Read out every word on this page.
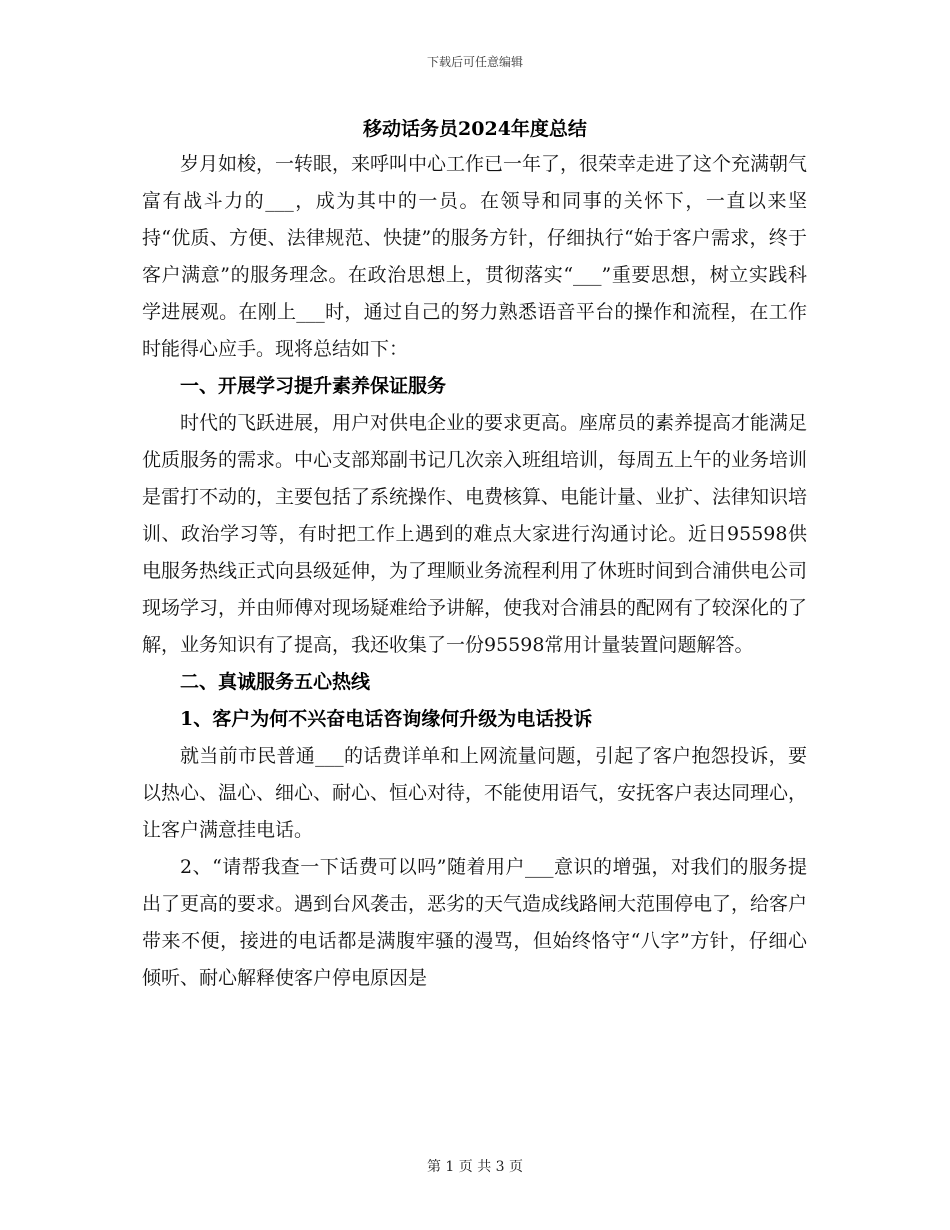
下载后可任意编辑
移动话务员2024年度总结

岁月如梭，一转眼，来呼叫中心工作已一年了，很荣幸走进了这个充满朝气富有战斗力的___，成为其中的一员。在领导和同事的关怀下，一直以来坚持“优质、方便、法律规范、快捷”的服务方针，仔细执行“始于客户需求，终于客户满意”的服务理念。在政治思想上，贯彻落实“___”重要思想，树立实践科学进展观。在刚上___时，通过自己的努力熟悉语音平台的操作和流程，在工作时能得心应手。现将总结如下：

一、开展学习提升素养保证服务

时代的飞跃进展，用户对供电企业的要求更高。座席员的素养提高才能满足优质服务的需求。中心支部郑副书记几次亲入班组培训，每周五上午的业务培训是雷打不动的，主要包括了系统操作、电费核算、电能计量、业扩、法律知识培训、政治学习等，有时把工作上遇到的难点大家进行沟通讨论。近日95598供电服务热线正式向县级延伸，为了理顺业务流程利用了休班时间到合浦供电公司现场学习，并由师傅对现场疑难给予讲解，使我对合浦县的配网有了较深化的了解，业务知识有了提高，我还收集了一份95598常用计量装置问题解答。

二、真诚服务五心热线

1、客户为何不兴奋电话咨询缘何升级为电话投诉

就当前市民普通___的话费详单和上网流量问题，引起了客户抱怨投诉，要以热心、温心、细心、耐心、恒心对待，不能使用语气，安抚客户表达同理心，让客户满意挂电话。

2、“请帮我查一下话费可以吗”随着用户___意识的增强，对我们的服务提出了更高的要求。遇到台风袭击，恶劣的天气造成线路闸大范围停电了，给客户带来不便，接进的电话都是满腹牢骚的漫骂，但始终恪守“八字”方针，仔细心倾听、耐心解释使客户停电原因是

第 1 页 共 3 页
